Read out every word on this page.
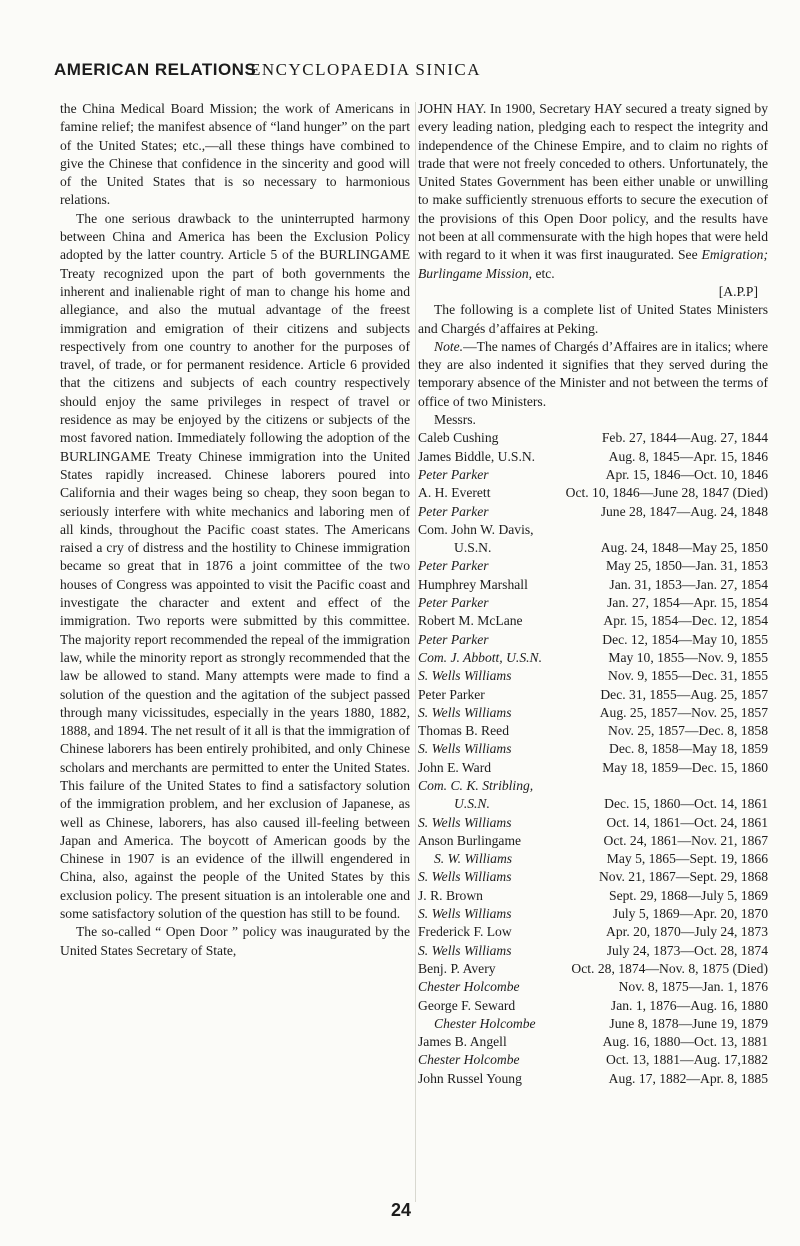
AMERICAN RELATIONS
ENCYCLOPAEDIA SINICA

the China Medical Board Mission; the work of Americans in famine relief; the manifest absence of “land hunger” on the part of the United States; etc.,—all these things have combined to give the Chinese that confidence in the sincerity and good will of the United States that is so necessary to harmonious relations.

The one serious drawback to the uninterrupted harmony between China and America has been the Exclusion Policy adopted by the latter country. Article 5 of the BURLINGAME Treaty recognized upon the part of both governments the inherent and inalienable right of man to change his home and allegiance, and also the mutual advantage of the freest immigration and emigration of their citizens and subjects respectively from one country to another for the purposes of travel, of trade, or for permanent residence. Article 6 provided that the citizens and subjects of each country respectively should enjoy the same privileges in respect of travel or residence as may be enjoyed by the citizens or subjects of the most favored nation. Immediately following the adoption of the BURLINGAME Treaty Chinese immigration into the United States rapidly increased. Chinese laborers poured into California and their wages being so cheap, they soon began to seriously interfere with white mechanics and laboring men of all kinds, throughout the Pacific coast states. The Americans raised a cry of distress and the hostility to Chinese immigration became so great that in 1876 a joint committee of the two houses of Congress was appointed to visit the Pacific coast and investigate the character and extent and effect of the immigration. Two reports were submitted by this committee. The majority report recommended the repeal of the immigration law, while the minority report as strongly recommended that the law be allowed to stand. Many attempts were made to find a solution of the question and the agitation of the subject passed through many vicissitudes, especially in the years 1880, 1882, 1888, and 1894. The net result of it all is that the immigration of Chinese laborers has been entirely prohibited, and only Chinese scholars and merchants are permitted to enter the United States. This failure of the United States to find a satisfactory solution of the immigration problem, and her exclusion of Japanese, as well as Chinese, laborers, has also caused ill-feeling between Japan and America. The boycott of American goods by the Chinese in 1907 is an evidence of the illwill engendered in China, also, against the people of the United States by this exclusion policy. The present situation is an intolerable one and some satisfactory solution of the question has still to be found.

The so-called “ Open Door ” policy was inaugurated by the United States Secretary of State,

JOHN HAY. In 1900, Secretary HAY secured a treaty signed by every leading nation, pledging each to respect the integrity and independence of the Chinese Empire, and to claim no rights of trade that were not freely conceded to others. Unfortunately, the United States Government has been either unable or unwilling to make sufficiently strenuous efforts to secure the execution of the provisions of this Open Door policy, and the results have not been at all commensurate with the high hopes that were held with regard to it when it was first inaugurated. See Emigration; Burlingame Mission, etc.

[A.P.P]

The following is a complete list of United States Ministers and Chargés d’affaires at Peking.

Note.—The names of Chargés d’Affaires are in italics; where they are also indented it signifies that they served during the temporary absence of the Minister and not between the terms of office of two Ministers.

Messrs.

Caleb Cushing	Feb. 27, 1844—Aug. 27, 1844
James Biddle, U.S.N.	Aug. 8, 1845—Apr. 15, 1846
Peter Parker	Apr. 15, 1846—Oct. 10, 1846
A. H. Everett	Oct. 10, 1846—June 28, 1847 (Died)
Peter Parker	June 28, 1847—Aug. 24, 1848
Com. John W. Davis,
U.S.N.	Aug. 24, 1848—May 25, 1850
Peter Parker	May 25, 1850—Jan. 31, 1853
Humphrey Marshall	Jan. 31, 1853—Jan. 27, 1854
Peter Parker	Jan. 27, 1854—Apr. 15, 1854
Robert M. McLane	Apr. 15, 1854—Dec. 12, 1854
Peter Parker	Dec. 12, 1854—May 10, 1855
Com. J. Abbott, U.S.N.	May 10, 1855—Nov. 9, 1855
S. Wells Williams	Nov. 9, 1855—Dec. 31, 1855
Peter Parker	Dec. 31, 1855—Aug. 25, 1857
S. Wells Williams	Aug. 25, 1857—Nov. 25, 1857
Thomas B. Reed	Nov. 25, 1857—Dec. 8, 1858
S. Wells Williams	Dec. 8, 1858—May 18, 1859
John E. Ward	May 18, 1859—Dec. 15, 1860
Com. C. K. Stribling,
U.S.N.	Dec. 15, 1860—Oct. 14, 1861
S. Wells Williams	Oct. 14, 1861—Oct. 24, 1861
Anson Burlingame	Oct. 24, 1861—Nov. 21, 1867
S. W. Williams	May 5, 1865—Sept. 19, 1866
S. Wells Williams	Nov. 21, 1867—Sept. 29, 1868
J. R. Brown	Sept. 29, 1868—July 5, 1869
S. Wells Williams	July 5, 1869—Apr. 20, 1870
Frederick F. Low	Apr. 20, 1870—July 24, 1873
S. Wells Williams	July 24, 1873—Oct. 28, 1874
Benj. P. Avery	Oct. 28, 1874—Nov. 8, 1875 (Died)
Chester Holcombe	Nov. 8, 1875—Jan. 1, 1876
George F. Seward	Jan. 1, 1876—Aug. 16, 1880
Chester Holcombe	June 8, 1878—June 19, 1879
James B. Angell	Aug. 16, 1880—Oct. 13, 1881
Chester Holcombe	Oct. 13, 1881—Aug. 17,1882
John Russel Young	Aug. 17, 1882—Apr. 8, 1885
24
